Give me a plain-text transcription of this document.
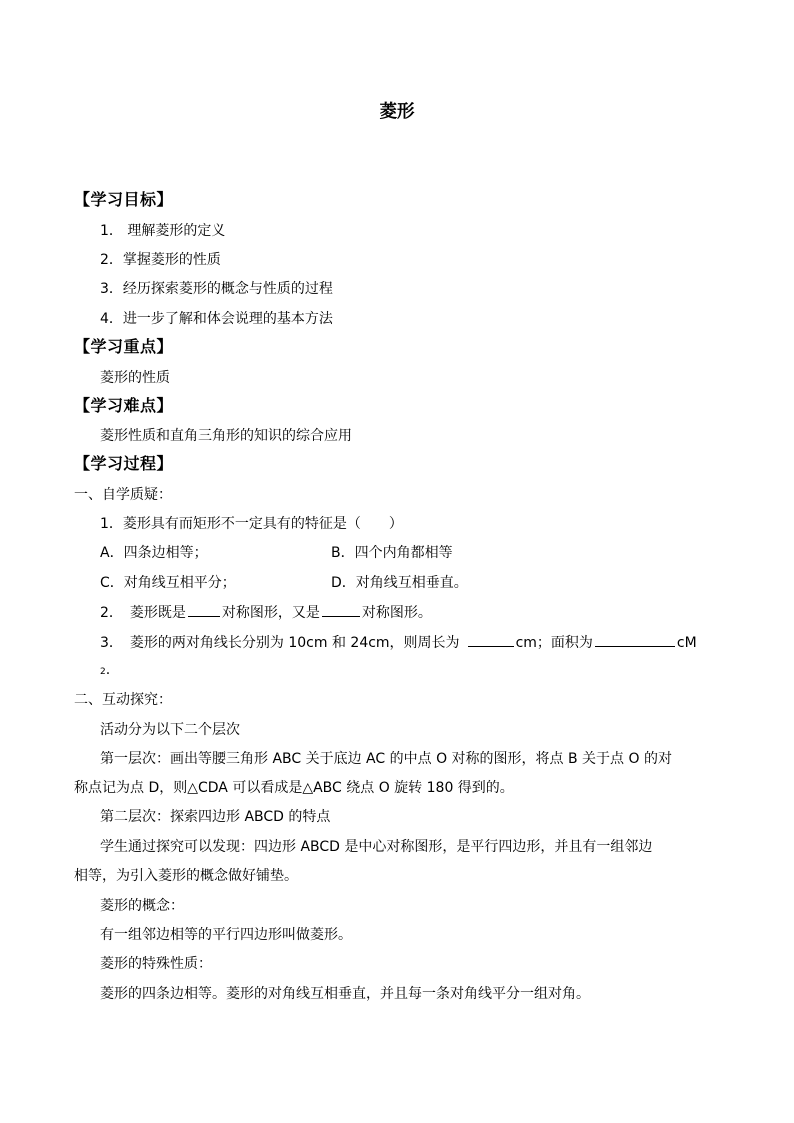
菱形
【学习目标】
1． 理解菱形的定义
2．掌握菱形的性质
3．经历探索菱形的概念与性质的过程
4．进一步了解和体会说理的基本方法
【学习重点】
菱形的性质
【学习难点】
菱形性质和直角三角形的知识的综合应用
【学习过程】
一、自学质疑：
1．菱形具有而矩形不一定具有的特征是（　　）
A．四条边相等；	B．四个内角都相等
C．对角线互相平分；	D．对角线互相垂直。
2．　菱形既是	对称图形，又是	对称图形。
3．　菱形的两对角线长分别为 10cm 和 24cm，则周长为	cm；面积为	cM
2.
二、互动探究：
活动分为以下二个层次
第一层次：画出等腰三角形 ABC 关于底边 AC 的中点 O 对称的图形，将点 B 关于点 O 的对
称点记为点 D，则△CDA 可以看成是△ABC 绕点 O 旋转 180 得到的。
第二层次：探索四边形 ABCD 的特点
学生通过探究可以发现：四边形 ABCD 是中心对称图形，是平行四边形，并且有一组邻边
相等，为引入菱形的概念做好铺垫。
菱形的概念：
有一组邻边相等的平行四边形叫做菱形。
菱形的特殊性质：
菱形的四条边相等。菱形的对角线互相垂直，并且每一条对角线平分一组对角。
